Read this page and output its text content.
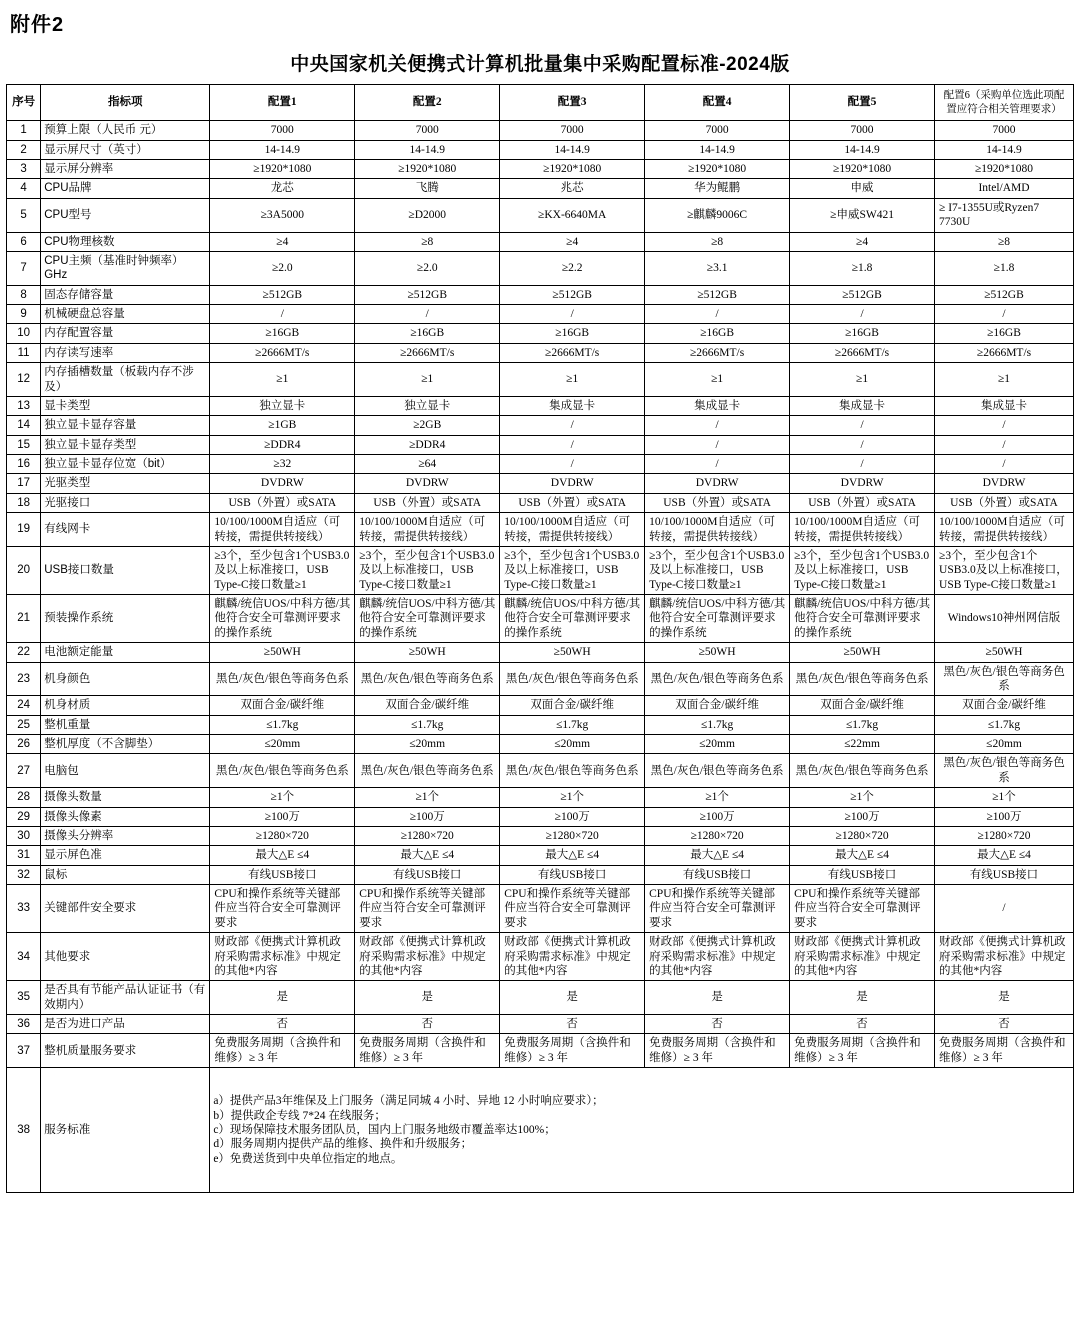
附件2
中央国家机关便携式计算机批量集中采购配置标准-2024版
序号	指标项	配置1	配置2	配置3	配置4	配置5	配置6（采购单位选此项配置应符合相关管理要求）
1	预算上限（人民币 元）	7000	7000	7000	7000	7000	7000
2	显示屏尺寸（英寸）	14-14.9	14-14.9	14-14.9	14-14.9	14-14.9	14-14.9
3	显示屏分辨率	≥1920*1080	≥1920*1080	≥1920*1080	≥1920*1080	≥1920*1080	≥1920*1080
4	CPU品牌	龙芯	飞腾	兆芯	华为鲲鹏	申威	Intel/AMD
5	CPU型号	≥3A5000	≥D2000	≥KX-6640MA	≥麒麟9006C	≥申威SW421	≥ I7-1355U或Ryzen7 7730U
6	CPU物理核数	≥4	≥8	≥4	≥8	≥4	≥8
7	CPU主频（基准时钟频率）GHz	≥2.0	≥2.0	≥2.2	≥3.1	≥1.8	≥1.8
8	固态存储容量	≥512GB	≥512GB	≥512GB	≥512GB	≥512GB	≥512GB
9	机械硬盘总容量	/	/	/	/	/	/
10	内存配置容量	≥16GB	≥16GB	≥16GB	≥16GB	≥16GB	≥16GB
11	内存读写速率	≥2666MT/s	≥2666MT/s	≥2666MT/s	≥2666MT/s	≥2666MT/s	≥2666MT/s
12	内存插槽数量（板载内存不涉及）	≥1	≥1	≥1	≥1	≥1	≥1
13	显卡类型	独立显卡	独立显卡	集成显卡	集成显卡	集成显卡	集成显卡
14	独立显卡显存容量	≥1GB	≥2GB	/	/	/	/
15	独立显卡显存类型	≥DDR4	≥DDR4	/	/	/	/
16	独立显卡显存位宽（bit）	≥32	≥64	/	/	/	/
17	光驱类型	DVDRW	DVDRW	DVDRW	DVDRW	DVDRW	DVDRW
18	光驱接口	USB（外置）或SATA	USB（外置）或SATA	USB（外置）或SATA	USB（外置）或SATA	USB（外置）或SATA	USB（外置）或SATA
19	有线网卡	10/100/1000M自适应（可转接，需提供转接线）	10/100/1000M自适应（可转接，需提供转接线）	10/100/1000M自适应（可转接，需提供转接线）	10/100/1000M自适应（可转接，需提供转接线）	10/100/1000M自适应（可转接，需提供转接线）	10/100/1000M自适应（可转接，需提供转接线）
20	USB接口数量	≥3个，至少包含1个USB3.0及以上标准接口，USB Type-C接口数量≥1	≥3个，至少包含1个USB3.0及以上标准接口，USB Type-C接口数量≥1	≥3个，至少包含1个USB3.0及以上标准接口，USB Type-C接口数量≥1	≥3个，至少包含1个USB3.0及以上标准接口，USB Type-C接口数量≥1	≥3个，至少包含1个USB3.0及以上标准接口，USB Type-C接口数量≥1	≥3个，至少包含1个USB3.0及以上标准接口，USB Type-C接口数量≥1
21	预装操作系统	麒麟/统信UOS/中科方德/其他符合安全可靠测评要求的操作系统	麒麟/统信UOS/中科方德/其他符合安全可靠测评要求的操作系统	麒麟/统信UOS/中科方德/其他符合安全可靠测评要求的操作系统	麒麟/统信UOS/中科方德/其他符合安全可靠测评要求的操作系统	麒麟/统信UOS/中科方德/其他符合安全可靠测评要求的操作系统	Windows10神州网信版
22	电池额定能量	≥50WH	≥50WH	≥50WH	≥50WH	≥50WH	≥50WH
23	机身颜色	黑色/灰色/银色等商务色系	黑色/灰色/银色等商务色系	黑色/灰色/银色等商务色系	黑色/灰色/银色等商务色系	黑色/灰色/银色等商务色系	黑色/灰色/银色等商务色系
24	机身材质	双面合金/碳纤维	双面合金/碳纤维	双面合金/碳纤维	双面合金/碳纤维	双面合金/碳纤维	双面合金/碳纤维
25	整机重量	≤1.7kg	≤1.7kg	≤1.7kg	≤1.7kg	≤1.7kg	≤1.7kg
26	整机厚度（不含脚垫）	≤20mm	≤20mm	≤20mm	≤20mm	≤22mm	≤20mm
27	电脑包	黑色/灰色/银色等商务色系	黑色/灰色/银色等商务色系	黑色/灰色/银色等商务色系	黑色/灰色/银色等商务色系	黑色/灰色/银色等商务色系	黑色/灰色/银色等商务色系
28	摄像头数量	≥1个	≥1个	≥1个	≥1个	≥1个	≥1个
29	摄像头像素	≥100万	≥100万	≥100万	≥100万	≥100万	≥100万
30	摄像头分辨率	≥1280×720	≥1280×720	≥1280×720	≥1280×720	≥1280×720	≥1280×720
31	显示屏色准	最大△E ≤4	最大△E ≤4	最大△E ≤4	最大△E ≤4	最大△E ≤4	最大△E ≤4
32	鼠标	有线USB接口	有线USB接口	有线USB接口	有线USB接口	有线USB接口	有线USB接口
33	关键部件安全要求	CPU和操作系统等关键部件应当符合安全可靠测评要求	CPU和操作系统等关键部件应当符合安全可靠测评要求	CPU和操作系统等关键部件应当符合安全可靠测评要求	CPU和操作系统等关键部件应当符合安全可靠测评要求	CPU和操作系统等关键部件应当符合安全可靠测评要求	/
34	其他要求	财政部《便携式计算机政府采购需求标准》中规定的其他*内容	财政部《便携式计算机政府采购需求标准》中规定的其他*内容	财政部《便携式计算机政府采购需求标准》中规定的其他*内容	财政部《便携式计算机政府采购需求标准》中规定的其他*内容	财政部《便携式计算机政府采购需求标准》中规定的其他*内容	财政部《便携式计算机政府采购需求标准》中规定的其他*内容
35	是否具有节能产品认证证书（有效期内）	是	是	是	是	是	是
36	是否为进口产品	否	否	否	否	否	否
37	整机质量服务要求	免费服务周期（含换件和维修）≥ 3 年	免费服务周期（含换件和维修）≥ 3 年	免费服务周期（含换件和维修）≥ 3 年	免费服务周期（含换件和维修）≥ 3 年	免费服务周期（含换件和维修）≥ 3 年	免费服务周期（含换件和维修）≥ 3 年
38	服务标准	a）提供产品3年维保及上门服务（满足同城 4 小时、异地 12 小时响应要求）；
b）提供政企专线 7*24 在线服务；
c）现场保障技术服务团队员，国内上门服务地级市覆盖率达100%；
d）服务周期内提供产品的维修、换件和升级服务；
e）免费送货到中央单位指定的地点。					
